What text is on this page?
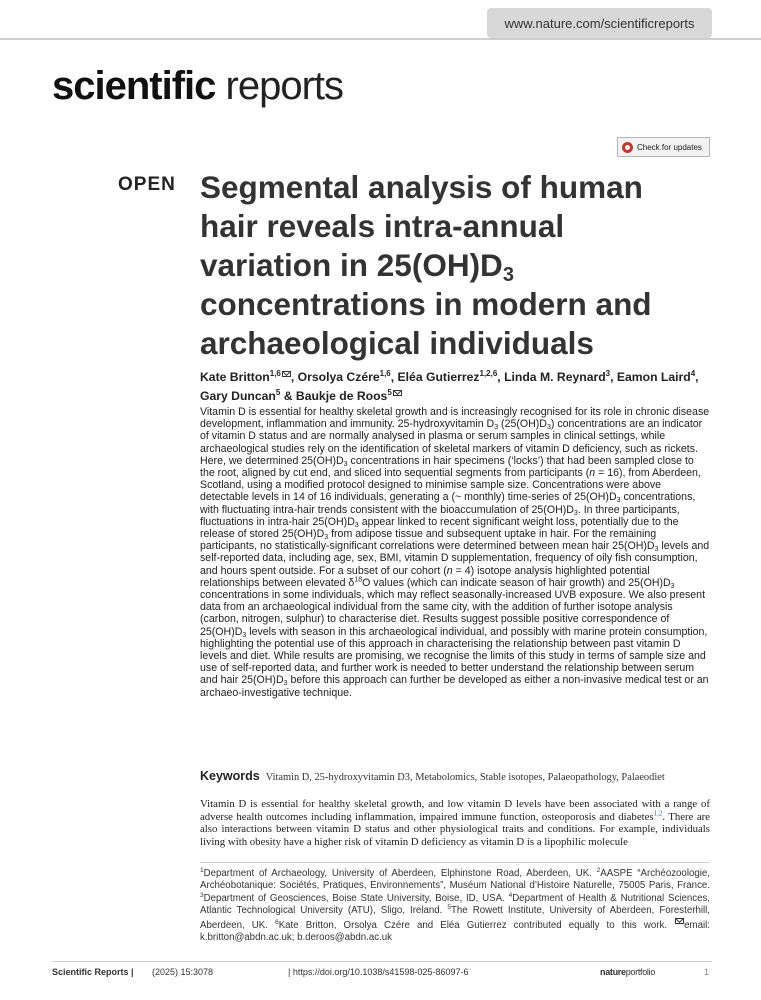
www.nature.com/scientificreports
scientific reports
Check for updates
OPEN Segmental analysis of human hair reveals intra-annual variation in $25(OH)D_3$ concentrations in modern and archaeological individuals
Kate Britton$^{1,6}$ , Orsolya Czére$^{1,6}$, Eléa Gutierrez$^{1,2,6}$, Linda M. Reynard$^3$, Eamon Laird$^4$, Gary Duncan$^5$ & Baukje de Roos$^5$

Vitamin D is essential for healthy skeletal growth and is increasingly recognised for its role in chronic disease development, inflammation and immunity. 25-hydroxyvitamin $D_3$ $(25(OH)D_3)$ concentrations are an indicator of vitamin D status and are normally analysed in plasma or serum samples in clinical settings, while archaeological studies rely on the identification of skeletal markers of vitamin D deficiency, such as rickets. Here, we determined $25(OH)D_3$ concentrations in hair specimens (‘locks’) that had been sampled close to the root, aligned by cut end, and sliced into sequential segments from participants (n = 16), from Aberdeen, Scotland, using a modified protocol designed to minimise sample size. Concentrations were above detectable levels in 14 of 16 individuals, generating a (~ monthly) time-series of $25(OH)D_3$ concentrations, with fluctuating intra-hair trends consistent with the bioaccumulation of $25(OH)D_3$. In three participants, fluctuations in intra-hair $25(OH)D_3$ appear linked to recent significant weight loss, potentially due to the release of stored $25(OH)D_3$ from adipose tissue and subsequent uptake in hair. For the remaining participants, no statistically-significant correlations were determined between mean hair $25(OH)D_3$ levels and self-reported data, including age, sex, BMI, vitamin D supplementation, frequency of oily fish consumption, and hours spent outside. For a subset of our cohort (n = 4) isotope analysis highlighted potential relationships between elevated $\delta^{18}O$ values (which can indicate season of hair growth) and $25(OH)D_3$ concentrations in some individuals, which may reflect seasonally-increased UVB exposure. We also present data from an archaeological individual from the same city, with the addition of further isotope analysis (carbon, nitrogen, sulphur) to characterise diet. Results suggest possible positive correspondence of $25(OH)D_3$ levels with season in this archaeological individual, and possibly with marine protein consumption, highlighting the potential use of this approach in characterising the relationship between past vitamin D levels and diet. While results are promising, we recognise the limits of this study in terms of sample size and use of self-reported data, and further work is needed to better understand the relationship between serum and hair $25(OH)D_3$ before this approach can further be developed as either a non-invasive medical test or an archaeo-investigative technique.

Keywords Vitamin D, 25-hydroxyvitamin D3, Metabolomics, Stable isotopes, Palaeopathology, Palaeodiet

Vitamin D is essential for healthy skeletal growth, and low vitamin D levels have been associated with a range of adverse health outcomes including inflammation, impaired immune function, osteoporosis and diabetes$^{1,2}$. There are also interactions between vitamin D status and other physiological traits and conditions. For example, individuals living with obesity have a higher risk of vitamin D deficiency as vitamin D is a lipophilic molecule

$^1$Department of Archaeology, University of Aberdeen, Elphinstone Road, Aberdeen, UK. $^2$AASPE “Archéozoologie, Archéobotanique: Sociétés, Pratiques, Environnements”, Muséum National d’Histoire Naturelle, 75005 Paris, France. $^3$Department of Geosciences, Boise State University, Boise, ID, USA. $^4$Department of Health & Nutritional Sciences, Atlantic Technological University (ATU), Sligo, Ireland. $^5$The Rowett Institute, University of Aberdeen, Foresterhill, Aberdeen, UK. $^6$Kate Britton, Orsolya Czére and Eléa Gutierrez contributed equally to this work. email: k.britton@abdn.ac.uk; b.deroos@abdn.ac.uk

Scientific Reports | (2025) 15:3078	| https://doi.org/10.1038/s41598-025-86097-6	natureportfolio	1
